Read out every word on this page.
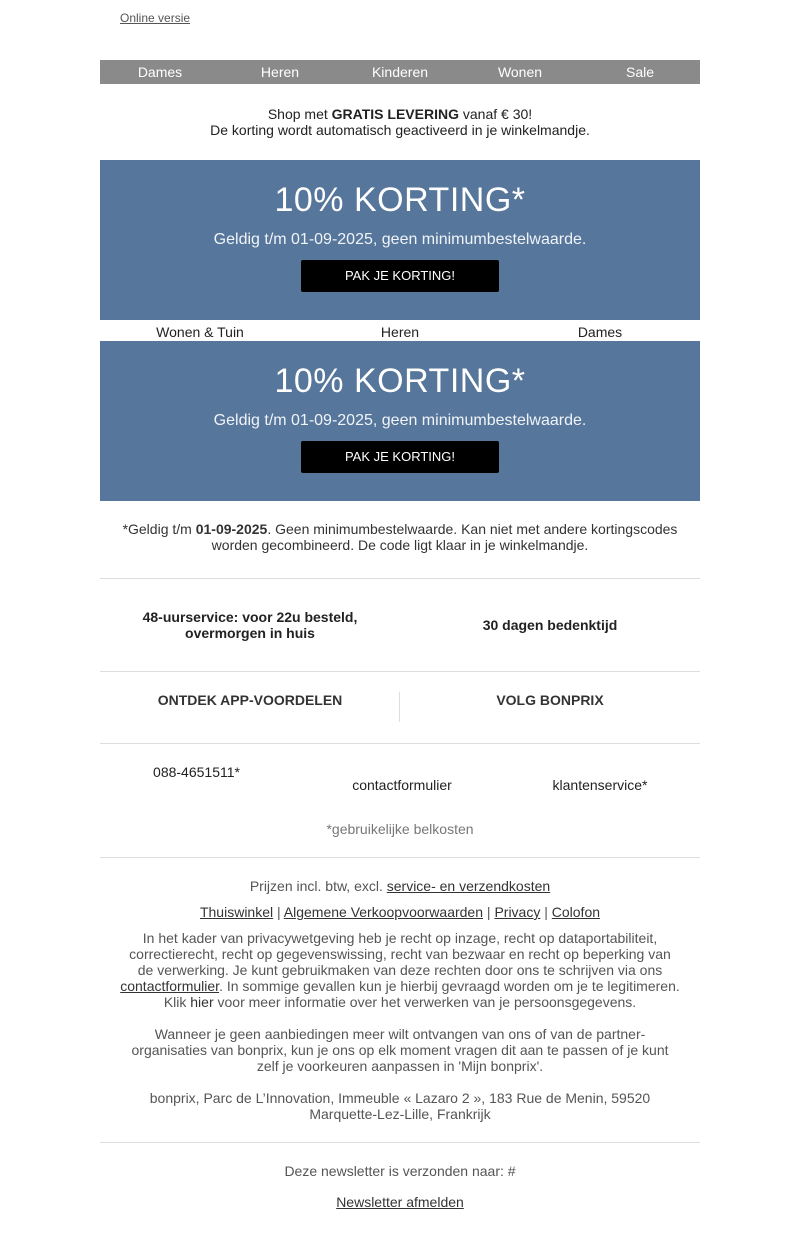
Online versie
Dames	Heren	Kinderen	Wonen	Sale
Shop met GRATIS LEVERING vanaf € 30!
De korting wordt automatisch geactiveerd in je winkelmandje.
10% KORTING*
Geldig t/m 01-09-2025, geen minimumbestelwaarde.
PAK JE KORTING!
Wonen & Tuin	Heren	Dames
10% KORTING*
Geldig t/m 01-09-2025, geen minimumbestelwaarde.
PAK JE KORTING!
*Geldig t/m 01-09-2025. Geen minimumbestelwaarde. Kan niet met andere kortingscodes worden gecombineerd. De code ligt klaar in je winkelmandje.
48-uurservice: voor 22u besteld, overmorgen in huis	30 dagen bedenktijd
ONTDEK APP-VOORDELEN	VOLG BONPRIX
088-4651511*
contactformulier	klantenservice*
*gebruikelijke belkosten
Prijzen incl. btw, excl. service- en verzendkosten
Thuiswinkel | Algemene Verkoopvoorwaarden | Privacy | Colofon
In het kader van privacywetgeving heb je recht op inzage, recht op dataportabiliteit, correctierecht, recht op gegevenswissing, recht van bezwaar en recht op beperking van de verwerking. Je kunt gebruikmaken van deze rechten door ons te schrijven via ons contactformulier. In sommige gevallen kun je hierbij gevraagd worden om je te legitimeren. Klik hier voor meer informatie over het verwerken van je persoonsgegevens.
Wanneer je geen aanbiedingen meer wilt ontvangen van ons of van de partner-organisaties van bonprix, kun je ons op elk moment vragen dit aan te passen of je kunt zelf je voorkeuren aanpassen in 'Mijn bonprix'.
bonprix, Parc de L’Innovation, Immeuble « Lazaro 2 », 183 Rue de Menin, 59520 Marquette-Lez-Lille, Frankrijk
Deze newsletter is verzonden naar: #
Newsletter afmelden
